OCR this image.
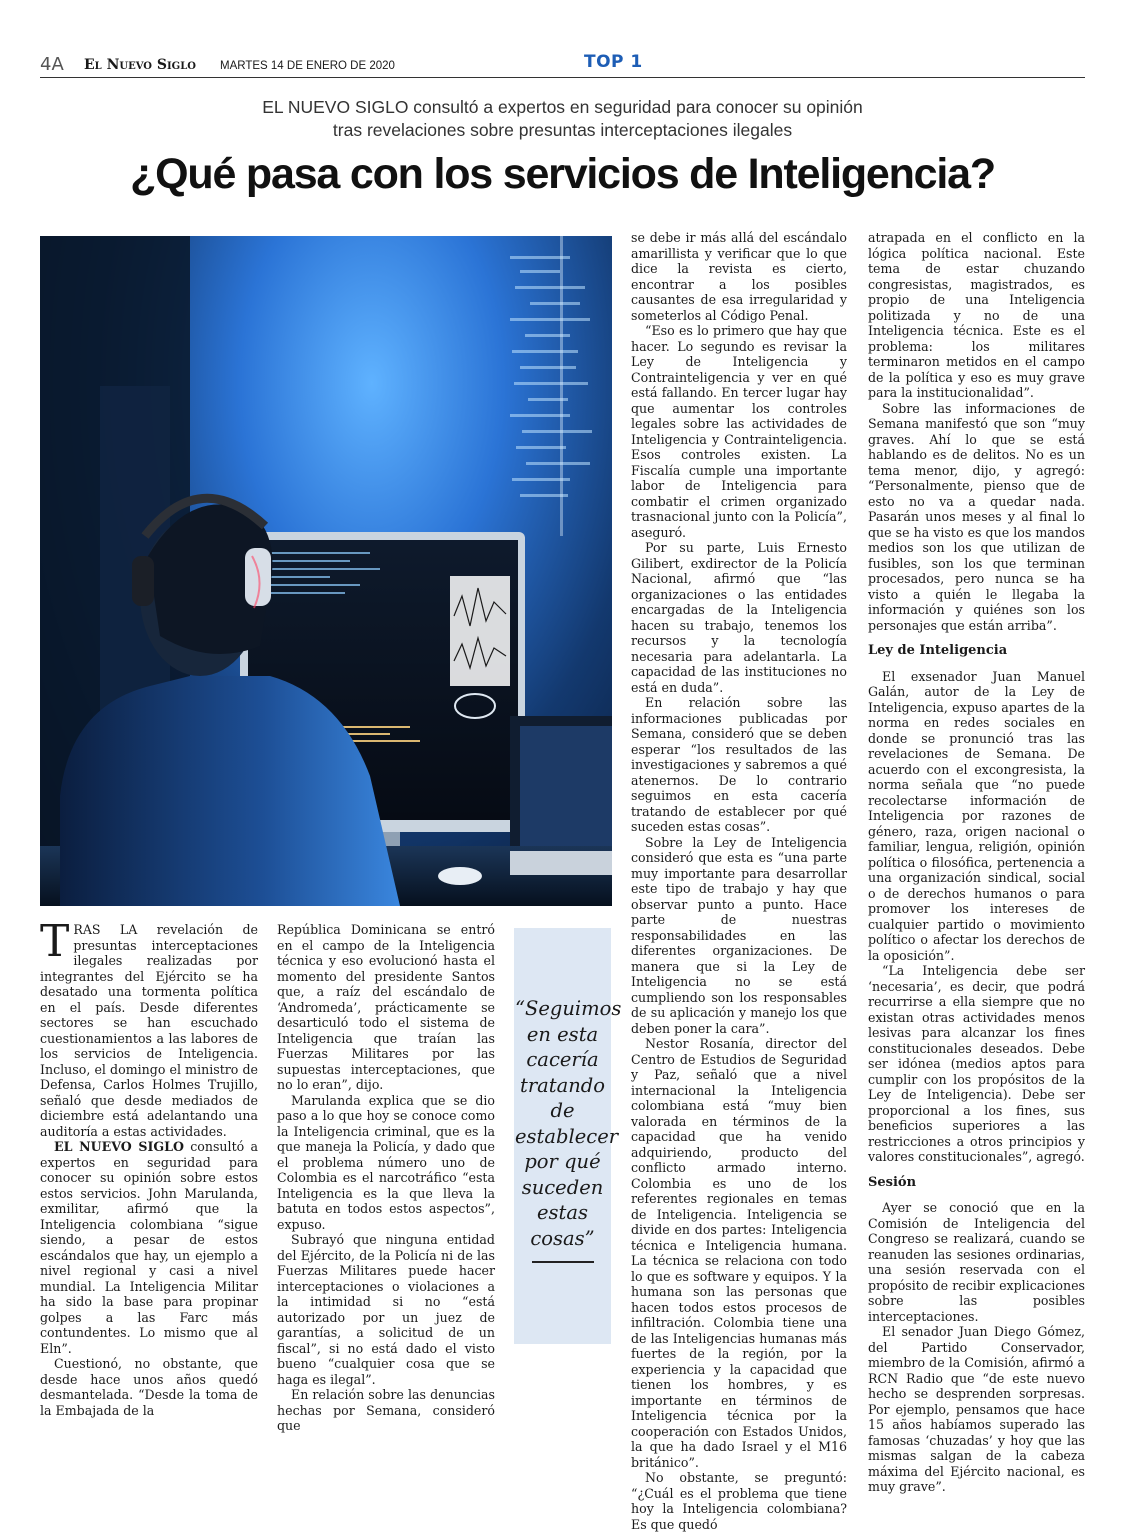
4A El Nuevo Siglo MARTES 14 DE ENERO DE 2020	TOP 1
EL NUEVO SIGLO consultó a expertos en seguridad para conocer su opinión
tras revelaciones sobre presuntas interceptaciones ilegales
¿Qué pasa con los servicios de Inteligencia?

TRAS LA revelación de presuntas interceptaciones ilegales realizadas por integrantes del Ejército se ha desatado una tormenta política en el país. Desde diferentes sectores se han escuchado cuestionamientos a las labores de los servicios de Inteligencia. Incluso, el domingo el ministro de Defensa, Carlos Holmes Trujillo, señaló que desde mediados de diciembre está adelantando una auditoría a estas actividades.

EL NUEVO SIGLO consultó a expertos en seguridad para conocer su opinión sobre estos estos servicios. John Marulanda, exmilitar, afirmó que la Inteligencia colombiana “sigue siendo, a pesar de estos escándalos que hay, un ejemplo a nivel regional y casi a nivel mundial. La Inteligencia Militar ha sido la base para propinar golpes a las Farc más contundentes. Lo mismo que al Eln”.

Cuestionó, no obstante, que desde hace unos años quedó desmantelada. “Desde la toma de la Embajada de la

República Dominicana se entró en el campo de la Inteligencia técnica y eso evolucionó hasta el momento del presidente Santos que, a raíz del escándalo de ‘Andromeda’, prácticamente se desarticuló todo el sistema de Inteligencia que traían las Fuerzas Militares por las supuestas interceptaciones, que no lo eran”, dijo.

Marulanda explica que se dio paso a lo que hoy se conoce como la Inteligencia criminal, que es la que maneja la Policía, y dado que el problema número uno de Colombia es el narcotráfico “esta Inteligencia es la que lleva la batuta en todos estos aspectos”, expuso.

Subrayó que ninguna entidad del Ejército, de la Policía ni de las Fuerzas Militares puede hacer interceptaciones o violaciones a la intimidad si no “está autorizado por un juez de garantías, a solicitud de un fiscal”, si no está dado el visto bueno “cualquier cosa que se haga es ilegal”.

En relación sobre las denuncias hechas por Semana, consideró que

“Seguimos en esta cacería tratando de establecer por qué suceden estas cosas”

se debe ir más allá del escándalo amarillista y verificar que lo que dice la revista es cierto, encontrar a los posibles causantes de esa irregularidad y someterlos al Código Penal.

“Eso es lo primero que hay que hacer. Lo segundo es revisar la Ley de Inteligencia y Contrainteligencia y ver en qué está fallando. En tercer lugar hay que aumentar los controles legales sobre las actividades de Inteligencia y Contrainteligencia. Esos controles existen. La Fiscalía cumple una importante labor de Inteligencia para combatir el crimen organizado trasnacional junto con la Policía”, aseguró.

Por su parte, Luis Ernesto Gilibert, exdirector de la Policía Nacional, afirmó que “las organizaciones o las entidades encargadas de la Inteligencia hacen su trabajo, tenemos los recursos y la tecnología necesaria para adelantarla. La capacidad de las instituciones no está en duda”.

En relación sobre las informaciones publicadas por Semana, consideró que se deben esperar “los resultados de las investigaciones y sabremos a qué atenernos. De lo contrario seguimos en esta cacería tratando de establecer por qué suceden estas cosas”.

Sobre la Ley de Inteligencia consideró que esta es “una parte muy importante para desarrollar este tipo de trabajo y hay que observar punto a punto. Hace parte de nuestras responsabilidades en las diferentes organizaciones. De manera que si la Ley de Inteligencia no se está cumpliendo son los responsables de su aplicación y manejo los que deben poner la cara”.

Nestor Rosanía, director del Centro de Estudios de Seguridad y Paz, señaló que a nivel internacional la Inteligencia colombiana está “muy bien valorada en términos de la capacidad que ha venido adquiriendo, producto del conflicto armado interno. Colombia es uno de los referentes regionales en temas de Inteligencia. Inteligencia se divide en dos partes: Inteligencia técnica e Inteligencia humana. La técnica se relaciona con todo lo que es software y equipos. Y la humana son las personas que hacen todos estos procesos de infiltración. Colombia tiene una de las Inteligencias humanas más fuertes de la región, por la experiencia y la capacidad que tienen los hombres, y es importante en términos de Inteligencia técnica por la cooperación con Estados Unidos, la que ha dado Israel y el M16 británico”.

No obstante, se preguntó: “¿Cuál es el problema que tiene hoy la Inteligencia colombiana? Es que quedó

atrapada en el conflicto en la lógica política nacional. Este tema de estar chuzando congresistas, magistrados, es propio de una Inteligencia politizada y no de una Inteligencia técnica. Este es el problema: los militares terminaron metidos en el campo de la política y eso es muy grave para la institucionalidad”.

Sobre las informaciones de Semana manifestó que son “muy graves. Ahí lo que se está hablando es de delitos. No es un tema menor, dijo, y agregó: “Personalmente, pienso que de esto no va a quedar nada. Pasarán unos meses y al final lo que se ha visto es que los mandos medios son los que utilizan de fusibles, son los que terminan procesados, pero nunca se ha visto a quién le llegaba la información y quiénes son los personajes que están arriba”.

Ley de Inteligencia

El exsenador Juan Manuel Galán, autor de la Ley de Inteligencia, expuso apartes de la norma en redes sociales en donde se pronunció tras las revelaciones de Semana. De acuerdo con el excongresista, la norma señala que “no puede recolectarse información de Inteligencia por razones de género, raza, origen nacional o familiar, lengua, religión, opinión política o filosófica, pertenencia a una organización sindical, social o de derechos humanos o para promover los intereses de cualquier partido o movimiento político o afectar los derechos de la oposición”.

“La Inteligencia debe ser ‘necesaria’, es decir, que podrá recurrirse a ella siempre que no existan otras actividades menos lesivas para alcanzar los fines constitucionales deseados. Debe ser idónea (medios aptos para cumplir con los propósitos de la Ley de Inteligencia). Debe ser proporcional a los fines, sus beneficios superiores a las restricciones a otros principios y valores constitucionales”, agregó.

Sesión

Ayer se conoció que en la Comisión de Inteligencia del Congreso se realizará, cuando se reanuden las sesiones ordinarias, una sesión reservada con el propósito de recibir explicaciones sobre las posibles interceptaciones.

El senador Juan Diego Gómez, del Partido Conservador, miembro de la Comisión, afirmó a RCN Radio que “de este nuevo hecho se desprenden sorpresas. Por ejemplo, pensamos que hace 15 años habíamos superado las famosas ‘chuzadas’ y hoy que las mismas salgan de la cabeza máxima del Ejército nacional, es muy grave”.
